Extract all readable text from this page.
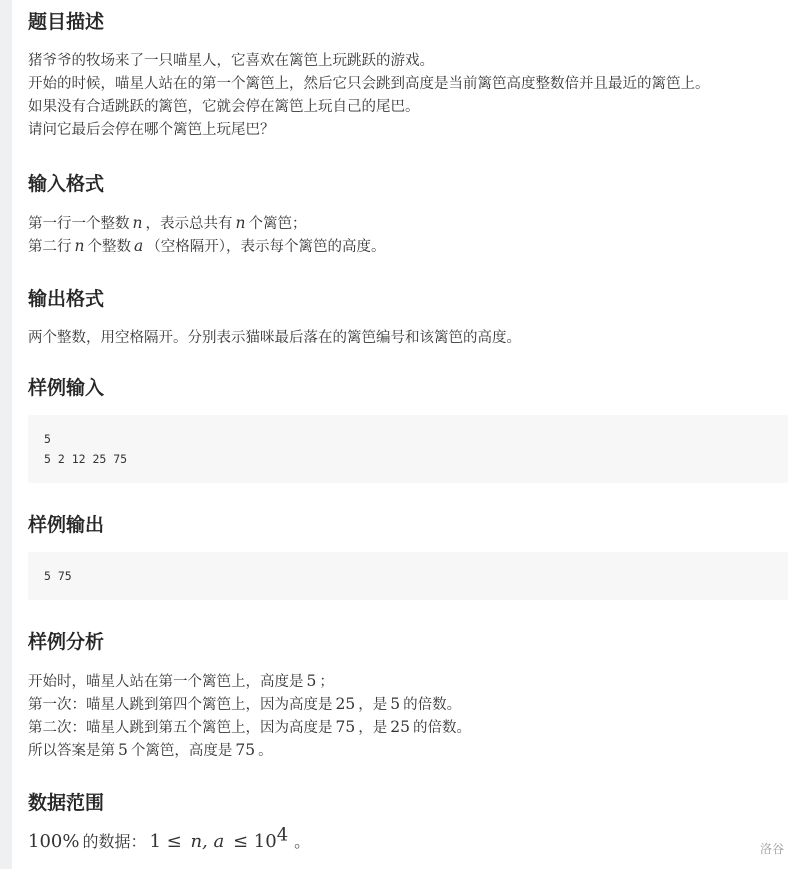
题目描述
猪爷爷的牧场来了一只喵星人，它喜欢在篱笆上玩跳跃的游戏。
开始的时候，喵星人站在的第一个篱笆上，然后它只会跳到高度是当前篱笆高度整数倍并且最近的篱笆上。
如果没有合适跳跃的篱笆，它就会停在篱笆上玩自己的尾巴。
请问它最后会停在哪个篱笆上玩尾巴？
输入格式
第一行一个整数 n ，表示总共有 n 个篱笆；
第二行 n 个整数 a （空格隔开），表示每个篱笆的高度。
输出格式
两个整数，用空格隔开。分别表示猫咪最后落在的篱笆编号和该篱笆的高度。
样例输入
5
5 2 12 25 75
样例输出
5 75
样例分析
开始时，喵星人站在第一个篱笆上，高度是 5 ；
第一次：喵星人跳到第四个篱笆上，因为高度是 25 ，是 5 的倍数。
第二次：喵星人跳到第五个篱笆上，因为高度是 75 ，是 25 的倍数。
所以答案是第 5 个篱笆，高度是 75 。
数据范围
100% 的数据： 1 ≤ n, $a \le 10^4$ 。	洛谷
